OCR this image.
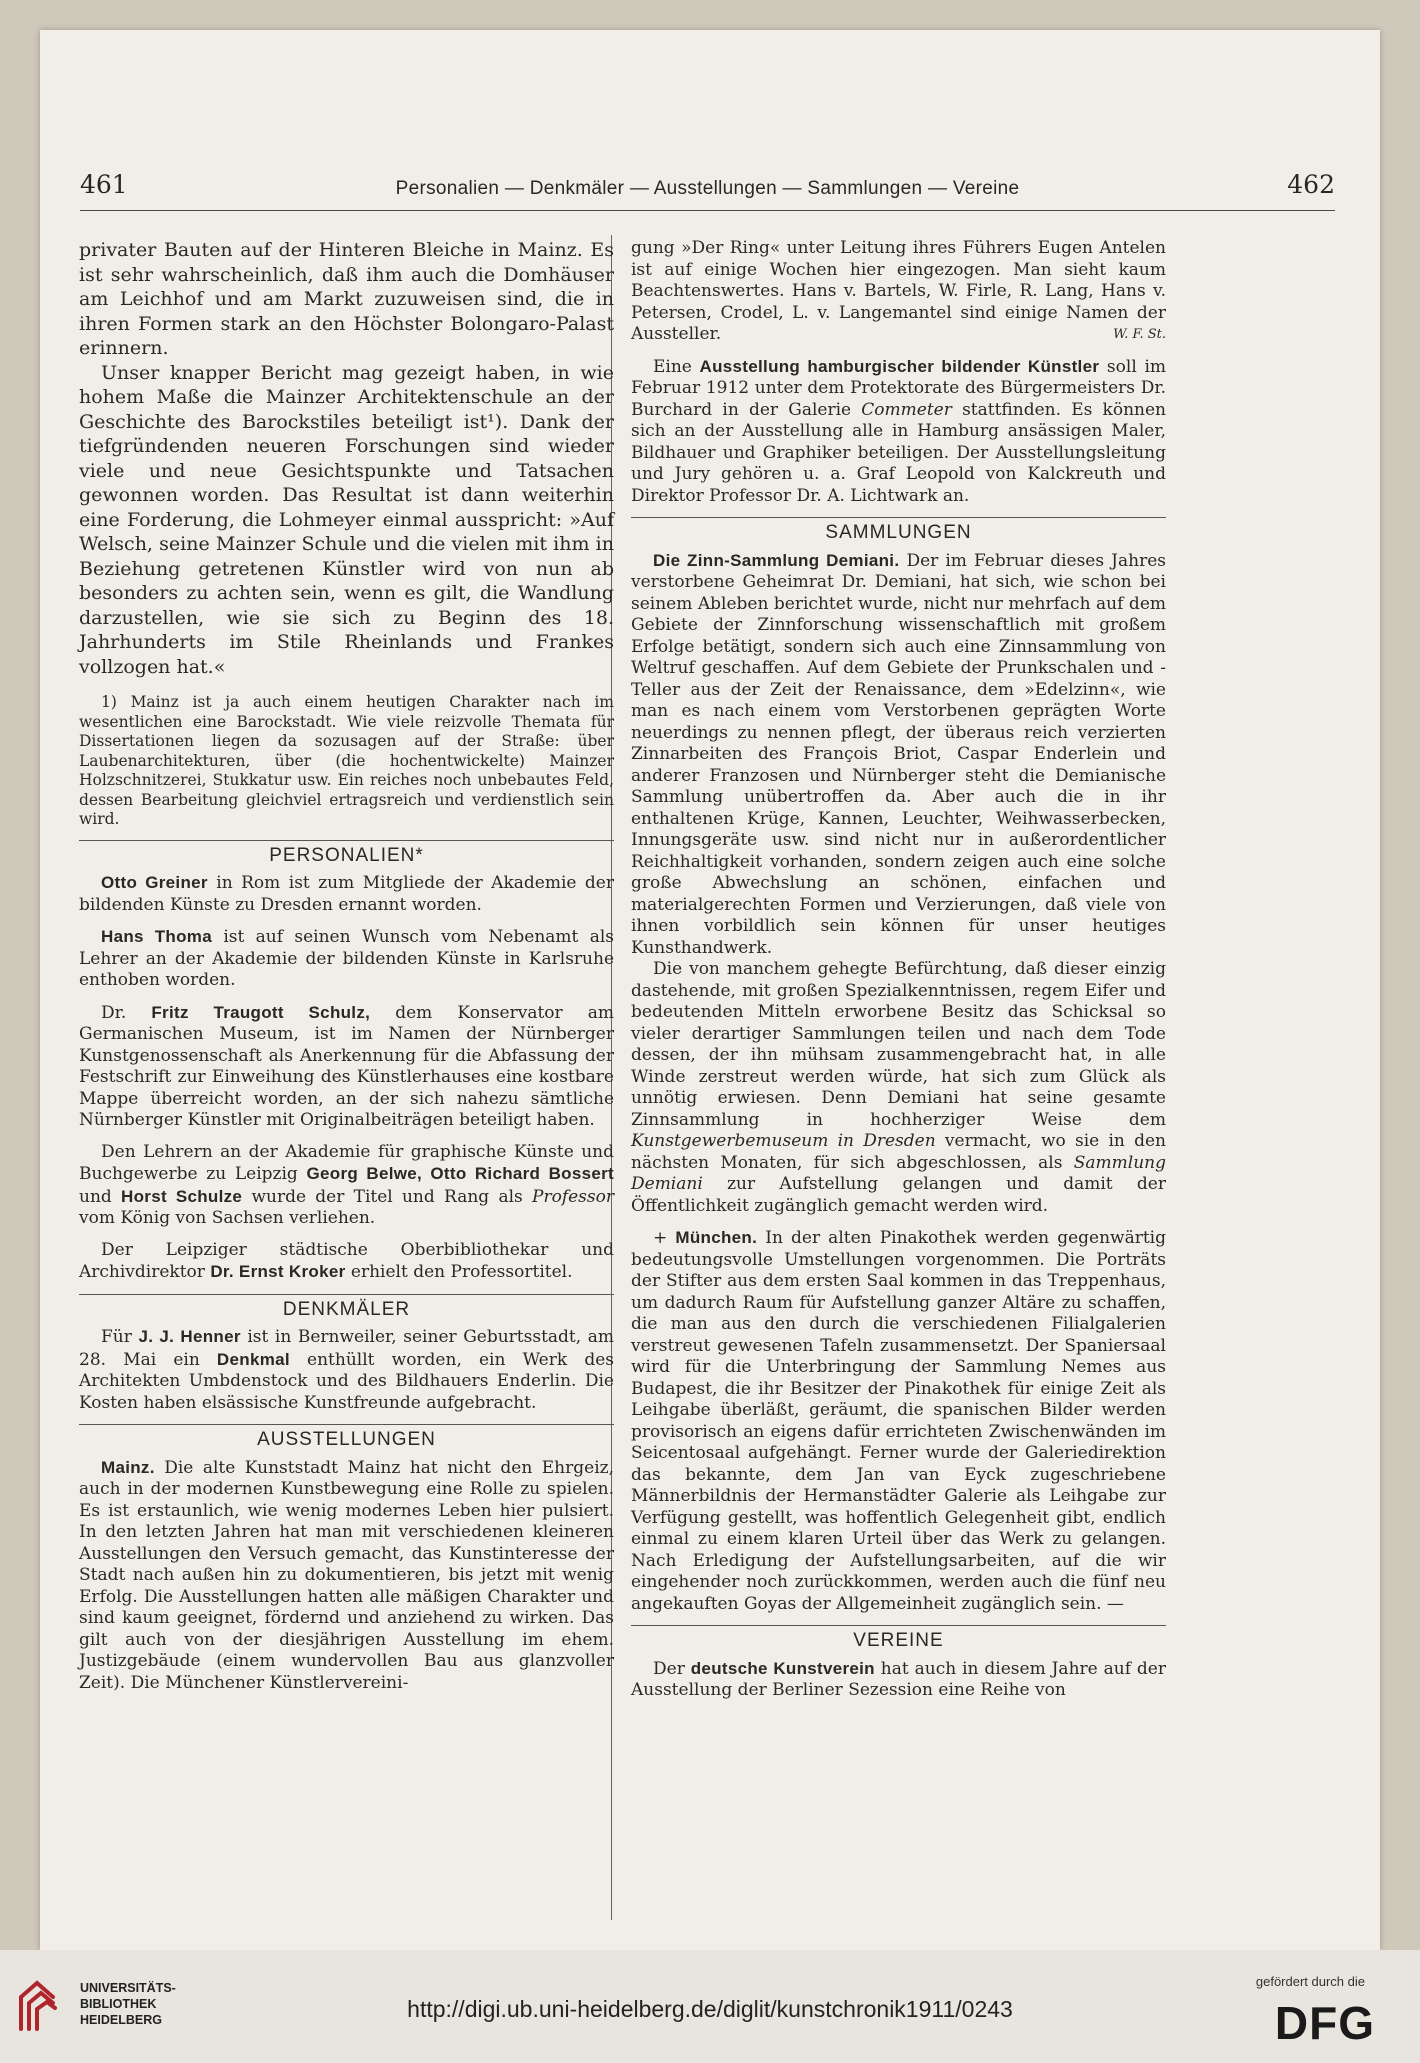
461	Personalien — Denkmäler — Ausstellungen — Sammlungen — Vereine	462

privater Bauten auf der Hinteren Bleiche in Mainz. Es ist sehr wahrscheinlich, daß ihm auch die Domhäuser am Leichhof und am Markt zuzuweisen sind, die in ihren Formen stark an den Höchster Bolongaro-Palast erinnern.

Unser knapper Bericht mag gezeigt haben, in wie hohem Maße die Mainzer Architektenschule an der Geschichte des Barockstiles beteiligt ist¹). Dank der tiefgründenden neueren Forschungen sind wieder viele und neue Gesichtspunkte und Tatsachen gewonnen worden. Das Resultat ist dann weiterhin eine Forderung, die Lohmeyer einmal ausspricht: »Auf Welsch, seine Mainzer Schule und die vielen mit ihm in Beziehung getretenen Künstler wird von nun ab besonders zu achten sein, wenn es gilt, die Wandlung darzustellen, wie sie sich zu Beginn des 18. Jahrhunderts im Stile Rheinlands und Frankes vollzogen hat.«

1) Mainz ist ja auch einem heutigen Charakter nach im wesentlichen eine Barockstadt. Wie viele reizvolle Themata für Dissertationen liegen da sozusagen auf der Straße: über Laubenarchitekturen, über (die hochentwickelte) Mainzer Holzschnitzerei, Stukkatur usw. Ein reiches noch unbebautes Feld, dessen Bearbeitung gleichviel ertragsreich und verdienstlich sein wird.

PERSONALIEN*

Otto Greiner in Rom ist zum Mitgliede der Akademie der bildenden Künste zu Dresden ernannt worden.

Hans Thoma ist auf seinen Wunsch vom Nebenamt als Lehrer an der Akademie der bildenden Künste in Karlsruhe enthoben worden.

Dr. Fritz Traugott Schulz, dem Konservator am Germanischen Museum, ist im Namen der Nürnberger Kunstgenossenschaft als Anerkennung für die Abfassung der Festschrift zur Einweihung des Künstlerhauses eine kostbare Mappe überreicht worden, an der sich nahezu sämtliche Nürnberger Künstler mit Originalbeiträgen beteiligt haben.

Den Lehrern an der Akademie für graphische Künste und Buchgewerbe zu Leipzig Georg Belwe, Otto Richard Bossert und Horst Schulze wurde der Titel und Rang als Professor vom König von Sachsen verliehen.

Der Leipziger städtische Oberbibliothekar und Archivdirektor Dr. Ernst Kroker erhielt den Professortitel.

DENKMÄLER

Für J. J. Henner ist in Bernweiler, seiner Geburtsstadt, am 28. Mai ein Denkmal enthüllt worden, ein Werk des Architekten Umbdenstock und des Bildhauers Enderlin. Die Kosten haben elsässische Kunstfreunde aufgebracht.

AUSSTELLUNGEN

Mainz. Die alte Kunststadt Mainz hat nicht den Ehrgeiz, auch in der modernen Kunstbewegung eine Rolle zu spielen. Es ist erstaunlich, wie wenig modernes Leben hier pulsiert. In den letzten Jahren hat man mit verschiedenen kleineren Ausstellungen den Versuch gemacht, das Kunstinteresse der Stadt nach außen hin zu dokumentieren, bis jetzt mit wenig Erfolg. Die Ausstellungen hatten alle mäßigen Charakter und sind kaum geeignet, fördernd und anziehend zu wirken. Das gilt auch von der diesjährigen Ausstellung im ehem. Justizgebäude (einem wundervollen Bau aus glanzvoller Zeit). Die Münchener Künstlervereini-

gung »Der Ring« unter Leitung ihres Führers Eugen Antelen ist auf einige Wochen hier eingezogen. Man sieht kaum Beachtenswertes. Hans v. Bartels, W. Firle, R. Lang, Hans v. Petersen, Crodel, L. v. Langemantel sind einige Namen der Aussteller.	W. F. St.

Eine Ausstellung hamburgischer bildender Künstler soll im Februar 1912 unter dem Protektorate des Bürgermeisters Dr. Burchard in der Galerie Commeter stattfinden. Es können sich an der Ausstellung alle in Hamburg ansässigen Maler, Bildhauer und Graphiker beteiligen. Der Ausstellungsleitung und Jury gehören u. a. Graf Leopold von Kalckreuth und Direktor Professor Dr. A. Lichtwark an.

SAMMLUNGEN

Die Zinn-Sammlung Demiani. Der im Februar dieses Jahres verstorbene Geheimrat Dr. Demiani, hat sich, wie schon bei seinem Ableben berichtet wurde, nicht nur mehrfach auf dem Gebiete der Zinnforschung wissenschaftlich mit großem Erfolge betätigt, sondern sich auch eine Zinnsammlung von Weltruf geschaffen. Auf dem Gebiete der Prunkschalen und -Teller aus der Zeit der Renaissance, dem »Edelzinn«, wie man es nach einem vom Verstorbenen geprägten Worte neuerdings zu nennen pflegt, der überaus reich verzierten Zinnarbeiten des François Briot, Caspar Enderlein und anderer Franzosen und Nürnberger steht die Demianische Sammlung unübertroffen da. Aber auch die in ihr enthaltenen Krüge, Kannen, Leuchter, Weihwasserbecken, Innungsgeräte usw. sind nicht nur in außerordentlicher Reichhaltigkeit vorhanden, sondern zeigen auch eine solche große Abwechslung an schönen, einfachen und materialgerechten Formen und Verzierungen, daß viele von ihnen vorbildlich sein können für unser heutiges Kunsthandwerk.

Die von manchem gehegte Befürchtung, daß dieser einzig dastehende, mit großen Spezialkenntnissen, regem Eifer und bedeutenden Mitteln erworbene Besitz das Schicksal so vieler derartiger Sammlungen teilen und nach dem Tode dessen, der ihn mühsam zusammengebracht hat, in alle Winde zerstreut werden würde, hat sich zum Glück als unnötig erwiesen. Denn Demiani hat seine gesamte Zinnsammlung in hochherziger Weise dem Kunstgewerbemuseum in Dresden vermacht, wo sie in den nächsten Monaten, für sich abgeschlossen, als Sammlung Demiani zur Aufstellung gelangen und damit der Öffentlichkeit zugänglich gemacht werden wird.

+ München. In der alten Pinakothek werden gegenwärtig bedeutungsvolle Umstellungen vorgenommen. Die Porträts der Stifter aus dem ersten Saal kommen in das Treppenhaus, um dadurch Raum für Aufstellung ganzer Altäre zu schaffen, die man aus den durch die verschiedenen Filialgalerien verstreut gewesenen Tafeln zusammensetzt. Der Spaniersaal wird für die Unterbringung der Sammlung Nemes aus Budapest, die ihr Besitzer der Pinakothek für einige Zeit als Leihgabe überläßt, geräumt, die spanischen Bilder werden provisorisch an eigens dafür errichteten Zwischenwänden im Seicentosaal aufgehängt. Ferner wurde der Galeriedirektion das bekannte, dem Jan van Eyck zugeschriebene Männerbildnis der Hermanstädter Galerie als Leihgabe zur Verfügung gestellt, was hoffentlich Gelegenheit gibt, endlich einmal zu einem klaren Urteil über das Werk zu gelangen. Nach Erledigung der Aufstellungsarbeiten, auf die wir eingehender noch zurückkommen, werden auch die fünf neu angekauften Goyas der Allgemeinheit zugänglich sein. —

VEREINE

Der deutsche Kunstverein hat auch in diesem Jahre auf der Ausstellung der Berliner Sezession eine Reihe von

UNIVERSITÄTS-
BIBLIOTHEK
HEIDELBERG	http://digi.ub.uni-heidelberg.de/diglit/kunstchronik1911/0243
gefördert durch die
DFG
